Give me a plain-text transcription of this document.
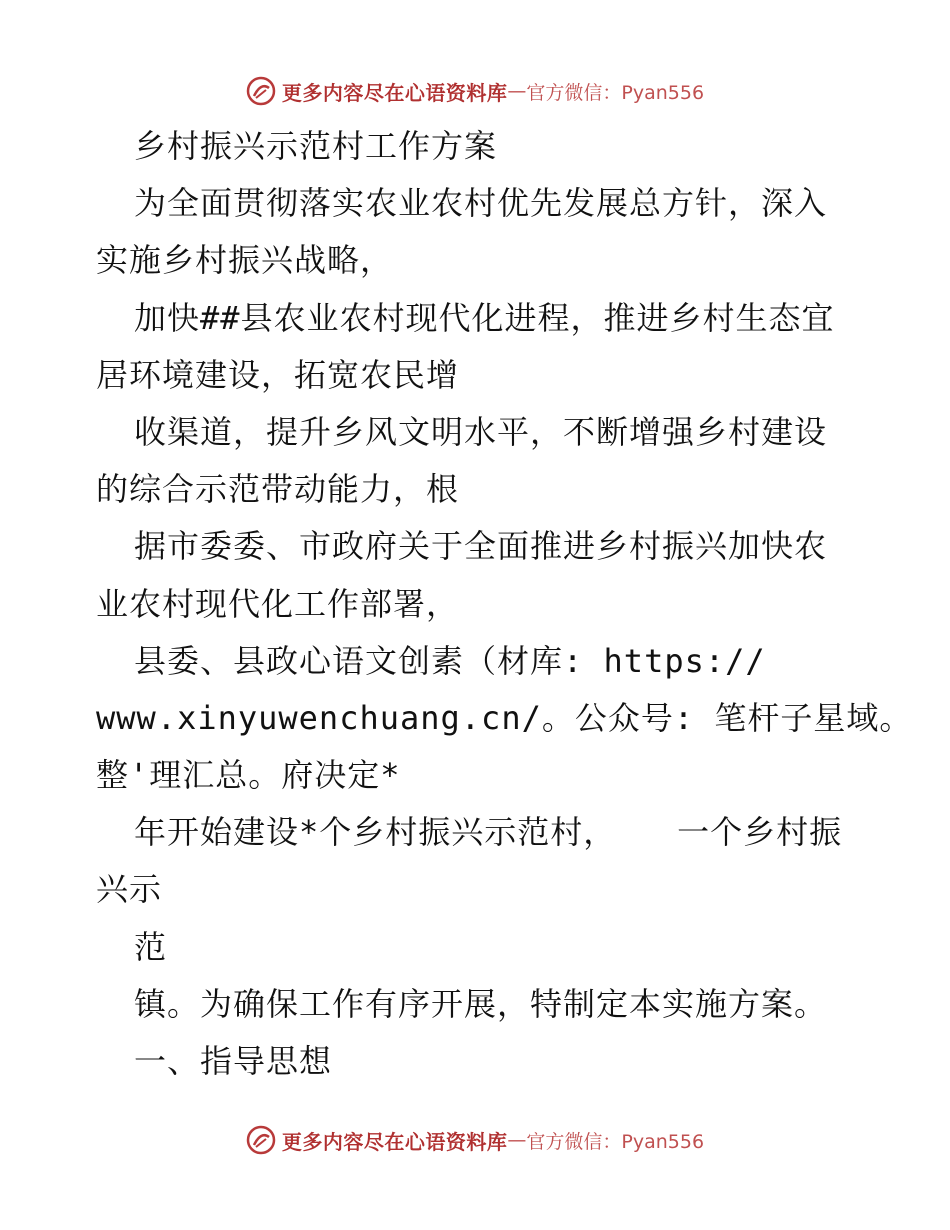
更多内容尽在心语资料库 — 官方微信：Pyan556
乡村振兴示范村工作方案
为全面贯彻落实农业农村优先发展总方针，深入
实施乡村振兴战略，
加快##县农业农村现代化进程，推进乡村生态宜
居环境建设，拓宽农民增
收渠道，提升乡风文明水平，不断增强乡村建设
的综合示范带动能力，根
据市委委、市政府关于全面推进乡村振兴加快农
业农村现代化工作部署，
县委、县政心语文创素（材库: https://
www.xinyuwenchuang.cn/。公众号: 笔杆子星域。
整'理汇总。府决定*
年开始建设*个乡村振兴示范村，   一个乡村振
兴示
范
镇。为确保工作有序开展，特制定本实施方案。
一、指导思想
更多内容尽在心语资料库 — 官方微信：Pyan556
